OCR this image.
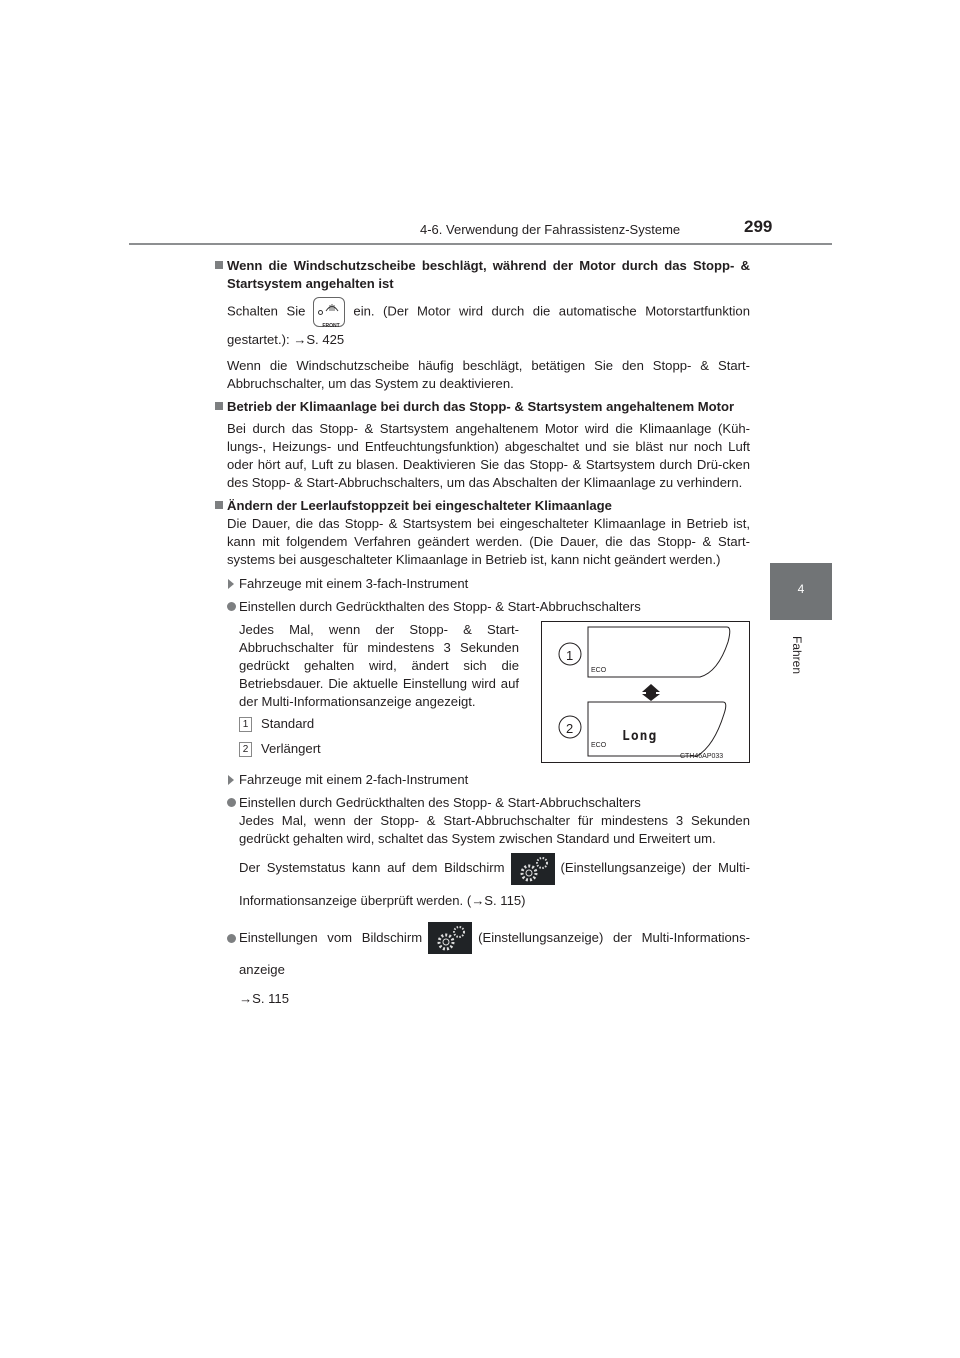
4-6. Verwendung der Fahrassistenz-Systeme	299
4
Fahren
Wenn die Windschutzscheibe beschlägt, während der Motor durch das Stopp- & Startsystem angehalten ist

Schalten Sie
FRONT
ein. (Der Motor wird durch die automatische Motorstartfunktion gestartet.): →S. 425

Wenn die Windschutzscheibe häufig beschlägt, betätigen Sie den Stopp- & Start-Abbruchschalter, um das System zu deaktivieren.

Betrieb der Klimaanlage bei durch das Stopp- & Startsystem angehaltenem Motor

Bei durch das Stopp- & Startsystem angehaltenem Motor wird die Klimaanlage (Küh-lungs-, Heizungs- und Entfeuchtungsfunktion) abgeschaltet und sie bläst nur noch Luft oder hört auf, Luft zu blasen. Deaktivieren Sie das Stopp- & Startsystem durch Drü-cken des Stopp- & Start-Abbruchschalters, um das Abschalten der Klimaanlage zu verhindern.

Ändern der Leerlaufstoppzeit bei eingeschalteter Klimaanlage

Die Dauer, die das Stopp- & Startsystem bei eingeschalteter Klimaanlage in Betrieb ist, kann mit folgendem Verfahren geändert werden. (Die Dauer, die das Stopp- & Start-systems bei ausgeschalteter Klimaanlage in Betrieb ist, kann nicht geändert werden.)

Fahrzeuge mit einem 3-fach-Instrument
Einstellen durch Gedrückthalten des Stopp- & Start-Abbruchschalters

Jedes Mal, wenn der Stopp- & Start-Abbruchschalter für mindestens 3 Sekunden gedrückt gehalten wird, ändert sich die Betriebsdauer. Die aktuelle Einstellung wird auf der Multi-Informationsanzeige angezeigt.

1 Standard
2 Verlängert
1
2
ECO
ECO
Long
CTH46AP033
Fahrzeuge mit einem 2-fach-Instrument
Einstellen durch Gedrückthalten des Stopp- & Start-Abbruchschalters

Jedes Mal, wenn der Stopp- & Start-Abbruchschalter für mindestens 3 Sekunden gedrückt gehalten wird, schaltet das System zwischen Standard und Erweitert um.

Der Systemstatus kann auf dem Bildschirm	(Einstellungsanzeige) der Multi-Informationsanzeige überprüft werden. (→S. 115)

Einstellungen vom Bildschirm	(Einstellungsanzeige) der Multi-Informations-anzeige

→S. 115
